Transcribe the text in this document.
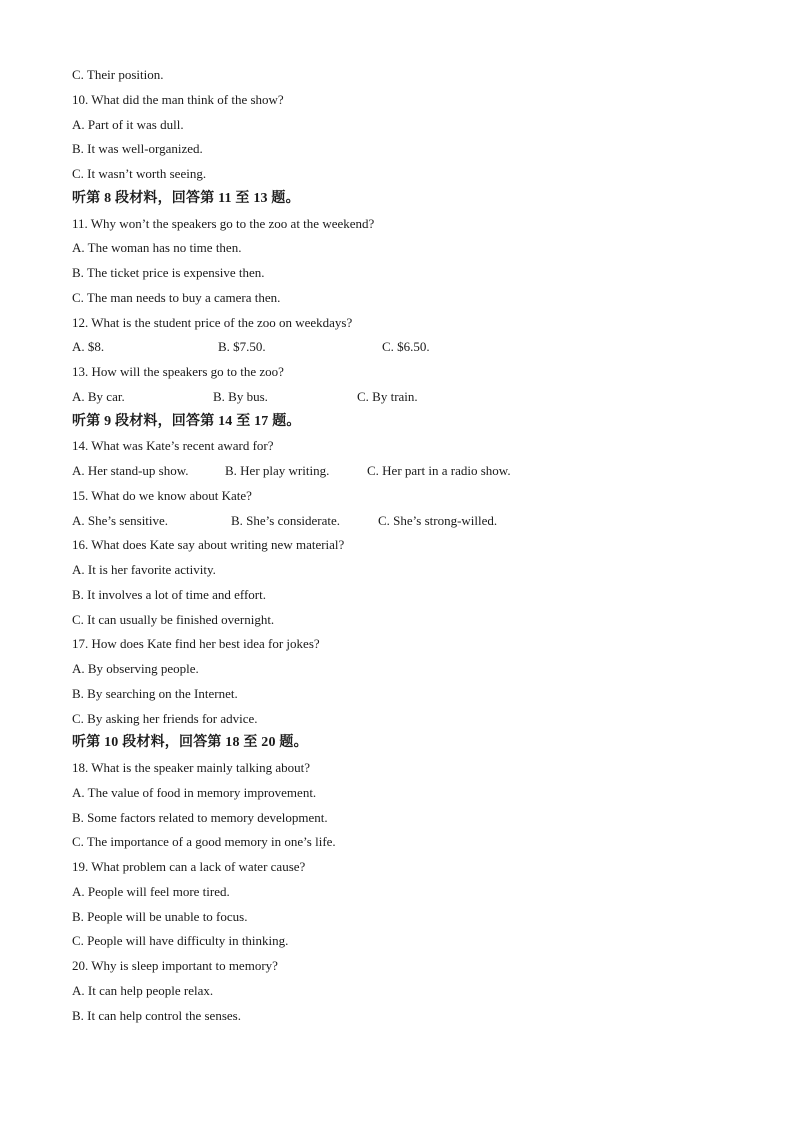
C. Their position.
10. What did the man think of the show?
A. Part of it was dull.
B. It was well-organized.
C. It wasn’t worth seeing.
听第 8 段材料，回答第 11 至 13 题。
11. Why won’t the speakers go to the zoo at the weekend?
A. The woman has no time then.
B. The ticket price is expensive then.
C. The man needs to buy a camera then.
12. What is the student price of the zoo on weekdays?
A. $8.	B. $7.50.	C. $6.50.
13. How will the speakers go to the zoo?
A. By car.	B. By bus.	C. By train.
听第 9 段材料，回答第 14 至 17 题。
14. What was Kate’s recent award for?
A. Her stand-up show.	B. Her play writing.	C. Her part in a radio show.
15. What do we know about Kate?
A. She’s sensitive.	B. She’s considerate.	C. She’s strong-willed.
16. What does Kate say about writing new material?
A. It is her favorite activity.
B. It involves a lot of time and effort.
C. It can usually be finished overnight.
17. How does Kate find her best idea for jokes?
A. By observing people.
B. By searching on the Internet.
C. By asking her friends for advice.
听第 10 段材料，回答第 18 至 20 题。
18. What is the speaker mainly talking about?
A. The value of food in memory improvement.
B. Some factors related to memory development.
C. The importance of a good memory in one’s life.
19. What problem can a lack of water cause?
A. People will feel more tired.
B. People will be unable to focus.
C. People will have difficulty in thinking.
20. Why is sleep important to memory?
A. It can help people relax.
B. It can help control the senses.
